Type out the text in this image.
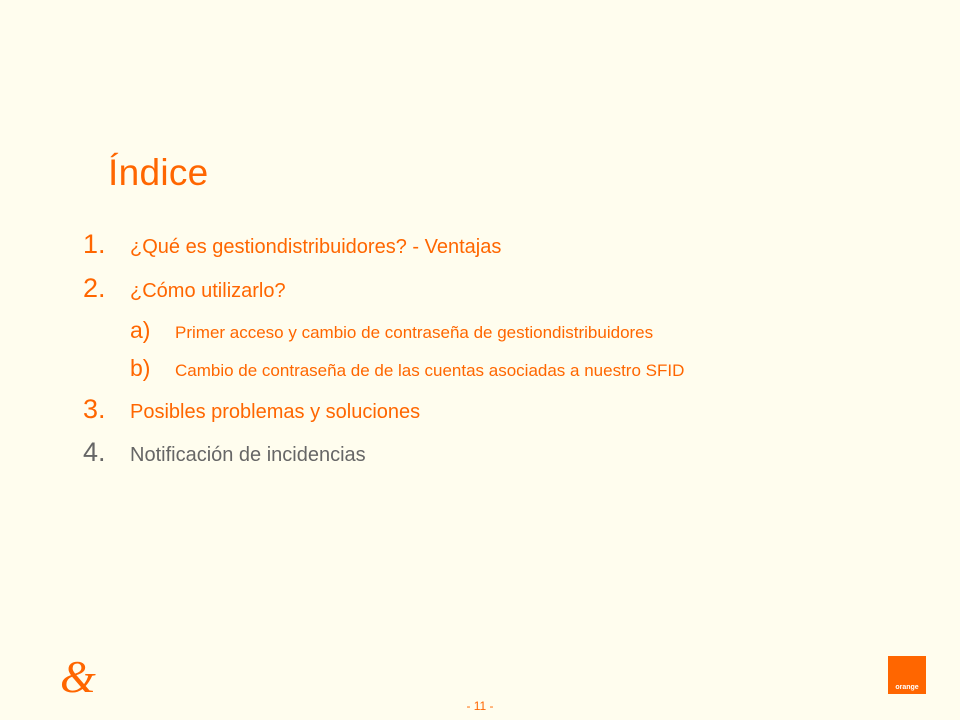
Índice
1.	¿Qué es gestiondistribuidores? - Ventajas
2.	¿Cómo utilizarlo?
a)	Primer acceso y cambio de contraseña de gestiondistribuidores
b)	Cambio de contraseña de de las cuentas asociadas a nuestro SFID
3.	Posibles problemas y soluciones
4.	Notificación de incidencias
&	orange
- 11 -
